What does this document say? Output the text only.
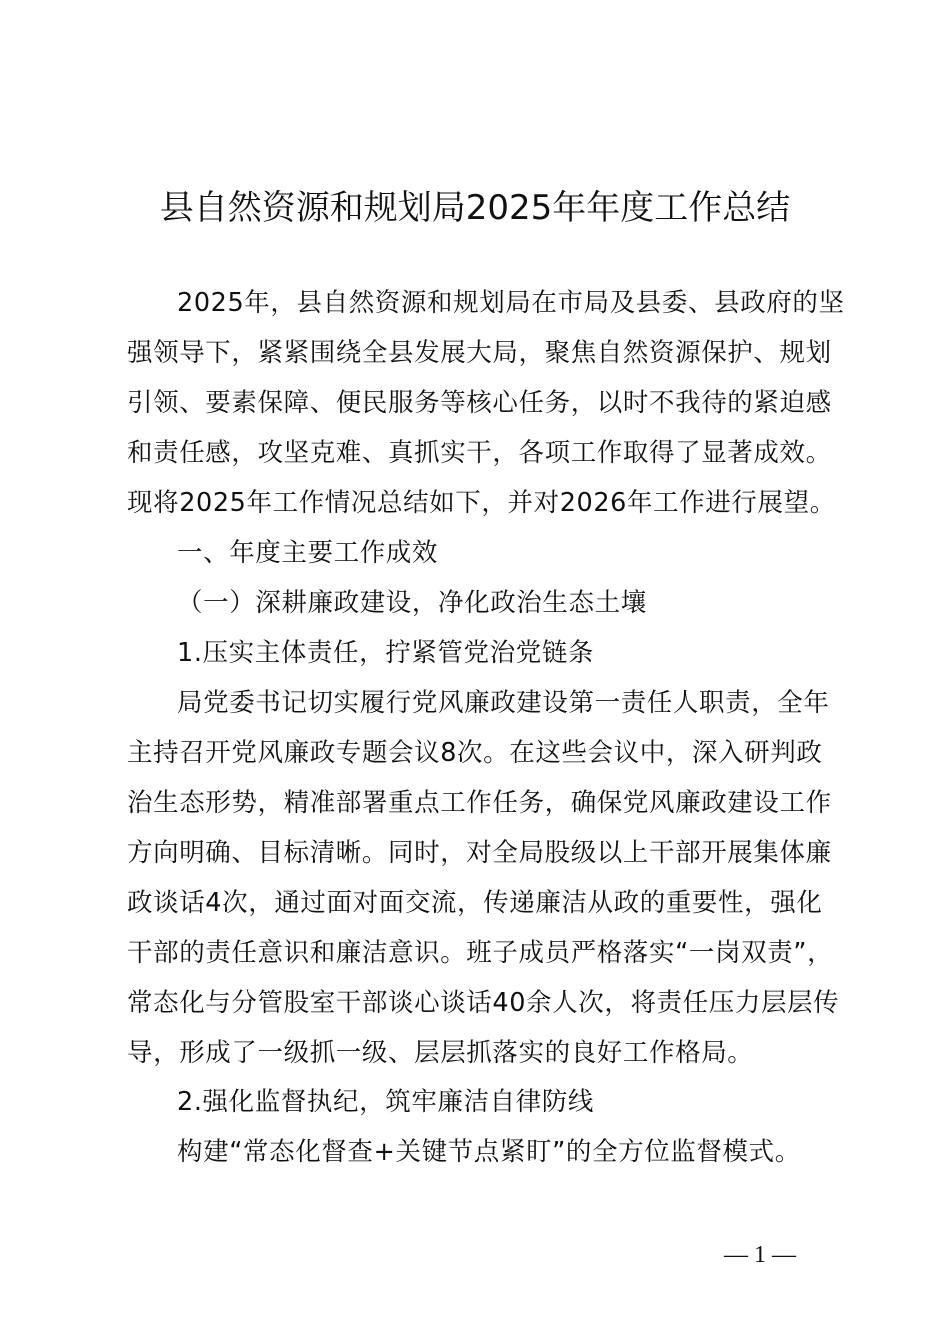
县自然资源和规划局2025年年度工作总结
2025年，县自然资源和规划局在市局及县委、县政府的坚
强领导下，紧紧围绕全县发展大局，聚焦自然资源保护、规划
引领、要素保障、便民服务等核心任务，以时不我待的紧迫感
和责任感，攻坚克难、真抓实干，各项工作取得了显著成效。
现将2025年工作情况总结如下，并对2026年工作进行展望。
一、年度主要工作成效
（一）深耕廉政建设，净化政治生态土壤
1.压实主体责任，拧紧管党治党链条
局党委书记切实履行党风廉政建设第一责任人职责，全年
主持召开党风廉政专题会议8次。在这些会议中，深入研判政
治生态形势，精准部署重点工作任务，确保党风廉政建设工作
方向明确、目标清晰。同时，对全局股级以上干部开展集体廉
政谈话4次，通过面对面交流，传递廉洁从政的重要性，强化
干部的责任意识和廉洁意识。班子成员严格落实“一岗双责”，
常态化与分管股室干部谈心谈话40余人次，将责任压力层层传
导，形成了一级抓一级、层层抓落实的良好工作格局。
2.强化监督执纪，筑牢廉洁自律防线
构建“常态化督查+关键节点紧盯”的全方位监督模式。
— 1 —
